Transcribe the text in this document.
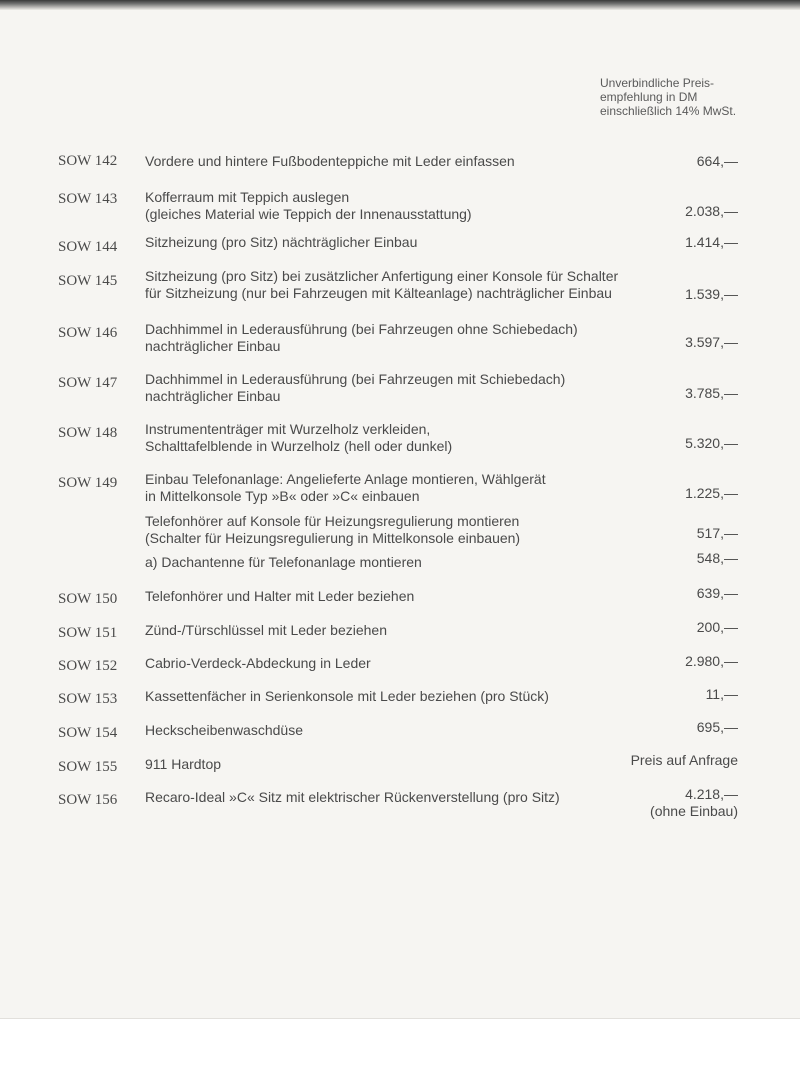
Unverbindliche Preis-
empfehlung in DM
einschließlich 14% MwSt.
SOW 142 Vordere und hintere Fußbodenteppiche mit Leder einfassen	664,—
SOW 143 Kofferraum mit Teppich auslegen
(gleiches Material wie Teppich der Innenausstattung)	2.038,—
SOW 144 Sitzheizung (pro Sitz) nächträglicher Einbau	1.414,—
SOW 145 Sitzheizung (pro Sitz) bei zusätzlicher Anfertigung einer Konsole für Schalter
für Sitzheizung (nur bei Fahrzeugen mit Kälteanlage) nachträglicher Einbau	1.539,—
SOW 146 Dachhimmel in Lederausführung (bei Fahrzeugen ohne Schiebedach)
nachträglicher Einbau	3.597,—
SOW 147 Dachhimmel in Lederausführung (bei Fahrzeugen mit Schiebedach)
nachträglicher Einbau	3.785,—
SOW 148 Instrumententräger mit Wurzelholz verkleiden,
Schalttafelblende in Wurzelholz (hell oder dunkel)	5.320,—
SOW 149 Einbau Telefonanlage: Angelieferte Anlage montieren, Wählgerät
in Mittelkonsole Typ »B« oder »C« einbauen	1.225,—
Telefonhörer auf Konsole für Heizungsregulierung montieren
(Schalter für Heizungsregulierung in Mittelkonsole einbauen)	517,—
a) Dachantenne für Telefonanlage montieren	548,—
SOW 150 Telefonhörer und Halter mit Leder beziehen	639,—
SOW 151 Zünd-/Türschlüssel mit Leder beziehen	200,—
SOW 152 Cabrio-Verdeck-Abdeckung in Leder	2.980,—
SOW 153 Kassettenfächer in Serienkonsole mit Leder beziehen (pro Stück)	11,—
SOW 154 Heckscheibenwaschdüse	695,—
SOW 155 911 Hardtop	Preis auf Anfrage
SOW 156 Recaro-Ideal »C« Sitz mit elektrischer Rückenverstellung (pro Sitz)	4.218,—
(ohne Einbau)
